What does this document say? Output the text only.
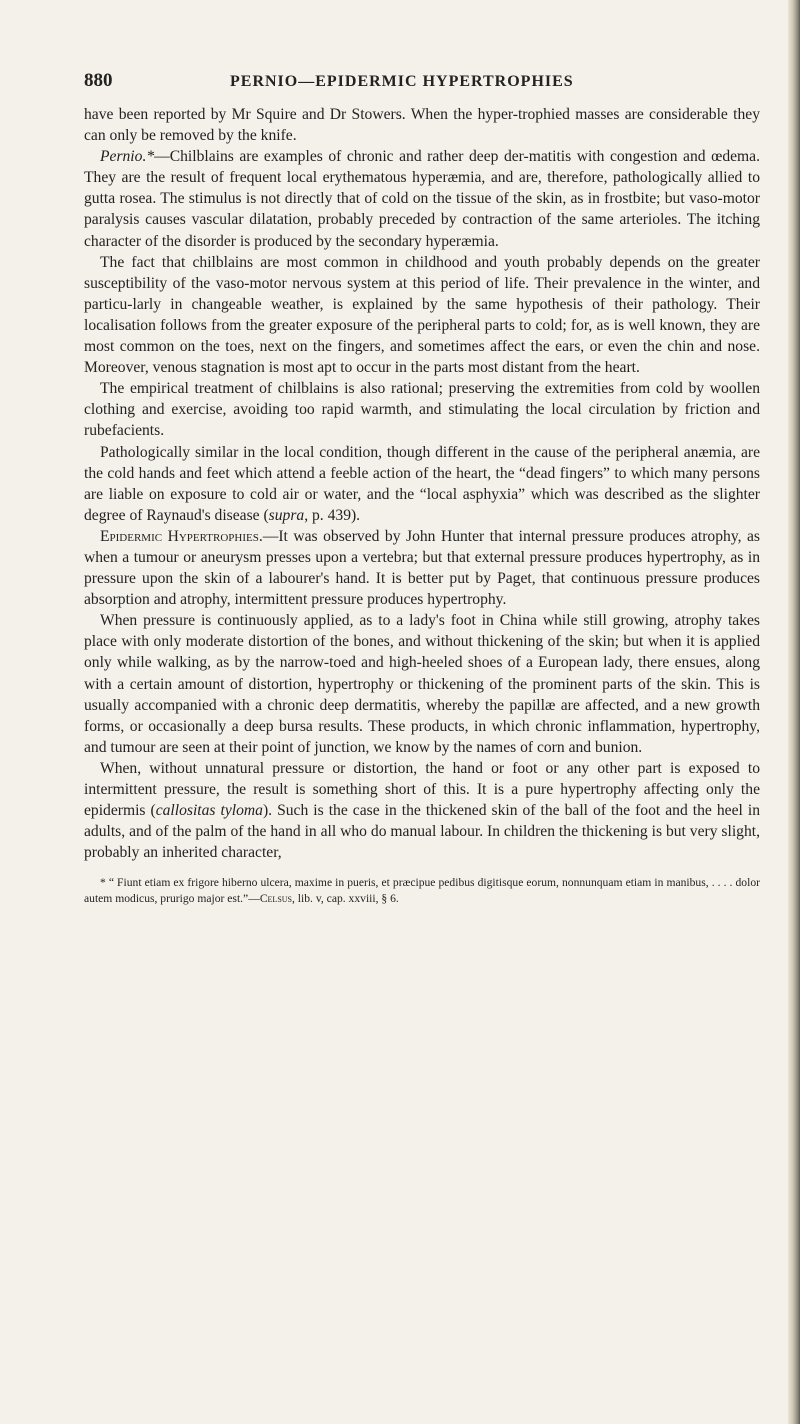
880	PERNIO—EPIDERMIC HYPERTROPHIES

have been reported by Mr Squire and Dr Stowers. When the hyper-trophied masses are considerable they can only be removed by the knife.

Pernio.*—Chilblains are examples of chronic and rather deep der-matitis with congestion and œdema. They are the result of frequent local erythematous hyperæmia, and are, therefore, pathologically allied to gutta rosea. The stimulus is not directly that of cold on the tissue of the skin, as in frostbite; but vaso-motor paralysis causes vascular dilatation, probably preceded by contraction of the same arterioles. The itching character of the disorder is produced by the secondary hyperæmia.

The fact that chilblains are most common in childhood and youth probably depends on the greater susceptibility of the vaso-motor nervous system at this period of life. Their prevalence in the winter, and particu-larly in changeable weather, is explained by the same hypothesis of their pathology. Their localisation follows from the greater exposure of the peripheral parts to cold; for, as is well known, they are most common on the toes, next on the fingers, and sometimes affect the ears, or even the chin and nose. Moreover, venous stagnation is most apt to occur in the parts most distant from the heart.

The empirical treatment of chilblains is also rational; preserving the extremities from cold by woollen clothing and exercise, avoiding too rapid warmth, and stimulating the local circulation by friction and rubefacients.

Pathologically similar in the local condition, though different in the cause of the peripheral anæmia, are the cold hands and feet which attend a feeble action of the heart, the “dead fingers” to which many persons are liable on exposure to cold air or water, and the “local asphyxia” which was described as the slighter degree of Raynaud's disease (supra, p. 439).

Epidermic Hypertrophies.—It was observed by John Hunter that internal pressure produces atrophy, as when a tumour or aneurysm presses upon a vertebra; but that external pressure produces hypertrophy, as in pressure upon the skin of a labourer's hand. It is better put by Paget, that continuous pressure produces absorption and atrophy, intermittent pressure produces hypertrophy.

When pressure is continuously applied, as to a lady's foot in China while still growing, atrophy takes place with only moderate distortion of the bones, and without thickening of the skin; but when it is applied only while walking, as by the narrow-toed and high-heeled shoes of a European lady, there ensues, along with a certain amount of distortion, hypertrophy or thickening of the prominent parts of the skin. This is usually accompanied with a chronic deep dermatitis, whereby the papillæ are affected, and a new growth forms, or occasionally a deep bursa results. These products, in which chronic inflammation, hypertrophy, and tumour are seen at their point of junction, we know by the names of corn and bunion.

When, without unnatural pressure or distortion, the hand or foot or any other part is exposed to intermittent pressure, the result is something short of this. It is a pure hypertrophy affecting only the epidermis (callositas tyloma). Such is the case in the thickened skin of the ball of the foot and the heel in adults, and of the palm of the hand in all who do manual labour. In children the thickening is but very slight, probably an inherited character,

* “ Fiunt etiam ex frigore hiberno ulcera, maxime in pueris, et præcipue pedibus digitisque eorum, nonnunquam etiam in manibus, . . . . dolor autem modicus, prurigo major est.”—Celsus, lib. v, cap. xxviii, § 6.
